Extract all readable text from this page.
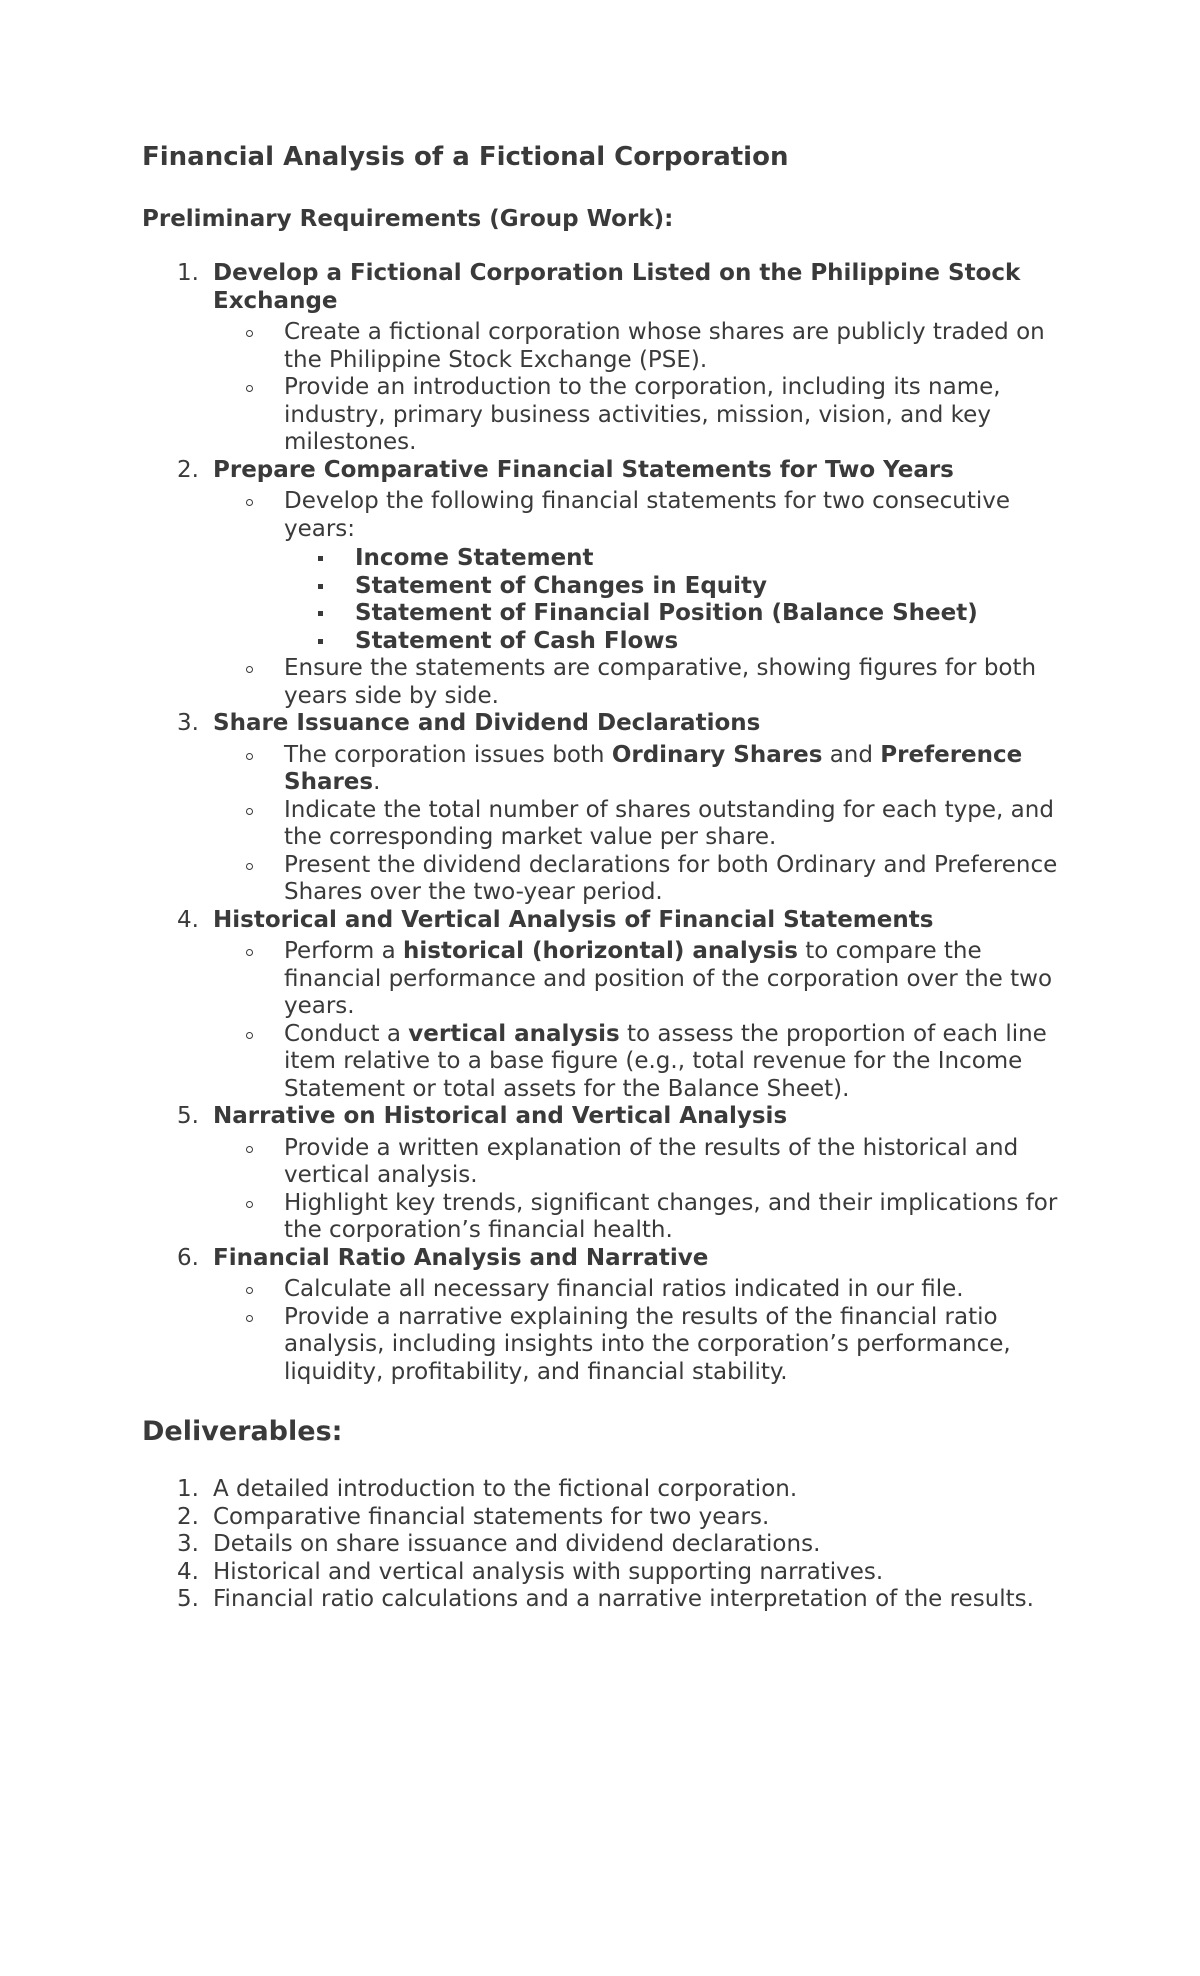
Financial Analysis of a Fictional Corporation
Preliminary Requirements (Group Work):
1. Develop a Fictional Corporation Listed on the Philippine Stock Exchange
Create a fictional corporation whose shares are publicly traded on the Philippine Stock Exchange (PSE).
Provide an introduction to the corporation, including its name, industry, primary business activities, mission, vision, and key milestones.
2. Prepare Comparative Financial Statements for Two Years
Develop the following financial statements for two consecutive years:
Income Statement
Statement of Changes in Equity
Statement of Financial Position (Balance Sheet)
Statement of Cash Flows
Ensure the statements are comparative, showing figures for both years side by side.
3. Share Issuance and Dividend Declarations
The corporation issues both Ordinary Shares and Preference Shares.
Indicate the total number of shares outstanding for each type, and the corresponding market value per share.
Present the dividend declarations for both Ordinary and Preference Shares over the two-year period.
4. Historical and Vertical Analysis of Financial Statements
Perform a historical (horizontal) analysis to compare the financial performance and position of the corporation over the two years.
Conduct a vertical analysis to assess the proportion of each line item relative to a base figure (e.g., total revenue for the Income Statement or total assets for the Balance Sheet).
5. Narrative on Historical and Vertical Analysis
Provide a written explanation of the results of the historical and vertical analysis.
Highlight key trends, significant changes, and their implications for the corporation’s financial health.
6. Financial Ratio Analysis and Narrative
Calculate all necessary financial ratios indicated in our file.
Provide a narrative explaining the results of the financial ratio analysis, including insights into the corporation’s performance, liquidity, profitability, and financial stability.
Deliverables:
1. A detailed introduction to the fictional corporation.
2. Comparative financial statements for two years.
3. Details on share issuance and dividend declarations.
4. Historical and vertical analysis with supporting narratives.
5. Financial ratio calculations and a narrative interpretation of the results.
